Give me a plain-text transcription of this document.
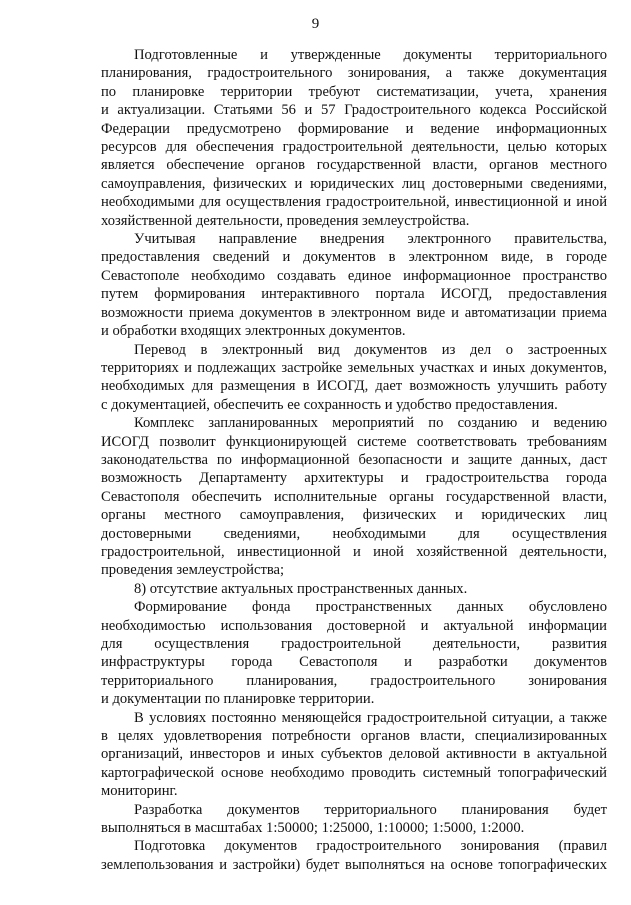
9

Подготовленные и утвержденные документы территориального
планирования, градостроительного зонирования, а также документация
по планировке территории требуют систематизации, учета, хранения
и актуализации. Статьями 56 и 57 Градостроительного кодекса Российской
Федерации предусмотрено формирование и ведение информационных
ресурсов для обеспечения градостроительной деятельности, целью которых
является обеспечение органов государственной власти, органов местного
самоуправления, физических и юридических лиц достоверными сведениями,
необходимыми для осуществления градостроительной, инвестиционной и иной
хозяйственной деятельности, проведения землеустройства.

Учитывая направление внедрения электронного правительства,
предоставления сведений и документов в электронном виде, в городе
Севастополе необходимо создавать единое информационное пространство
путем формирования интерактивного портала ИСОГД, предоставления
возможности приема документов в электронном виде и автоматизации приема
и обработки входящих электронных документов.

Перевод в электронный вид документов из дел о застроенных
территориях и подлежащих застройке земельных участках и иных документов,
необходимых для размещения в ИСОГД, дает возможность улучшить работу
с документацией, обеспечить ее сохранность и удобство предоставления.

Комплекс запланированных мероприятий по созданию и ведению
ИСОГД позволит функционирующей системе соответствовать требованиям
законодательства по информационной безопасности и защите данных, даст
возможность Департаменту архитектуры и градостроительства города
Севастополя обеспечить исполнительные органы государственной власти,
органы местного самоуправления, физических и юридических лиц
достоверными сведениями, необходимыми для осуществления
градостроительной, инвестиционной и иной хозяйственной деятельности,
проведения землеустройства;

8) отсутствие актуальных пространственных данных.

Формирование фонда пространственных данных обусловлено
необходимостью использования достоверной и актуальной информации
для осуществления градостроительной деятельности, развития
инфраструктуры города Севастополя и разработки документов
территориального планирования, градостроительного зонирования
и документации по планировке территории.

В условиях постоянно меняющейся градостроительной ситуации, а также
в целях удовлетворения потребности органов власти, специализированных
организаций, инвесторов и иных субъектов деловой активности в актуальной
картографической основе необходимо проводить системный топографический
мониторинг.

Разработка документов территориального планирования будет
выполняться в масштабах 1:50000; 1:25000, 1:10000; 1:5000, 1:2000.

Подготовка документов градостроительного зонирования (правил
землепользования и застройки) будет выполняться на основе топографических
